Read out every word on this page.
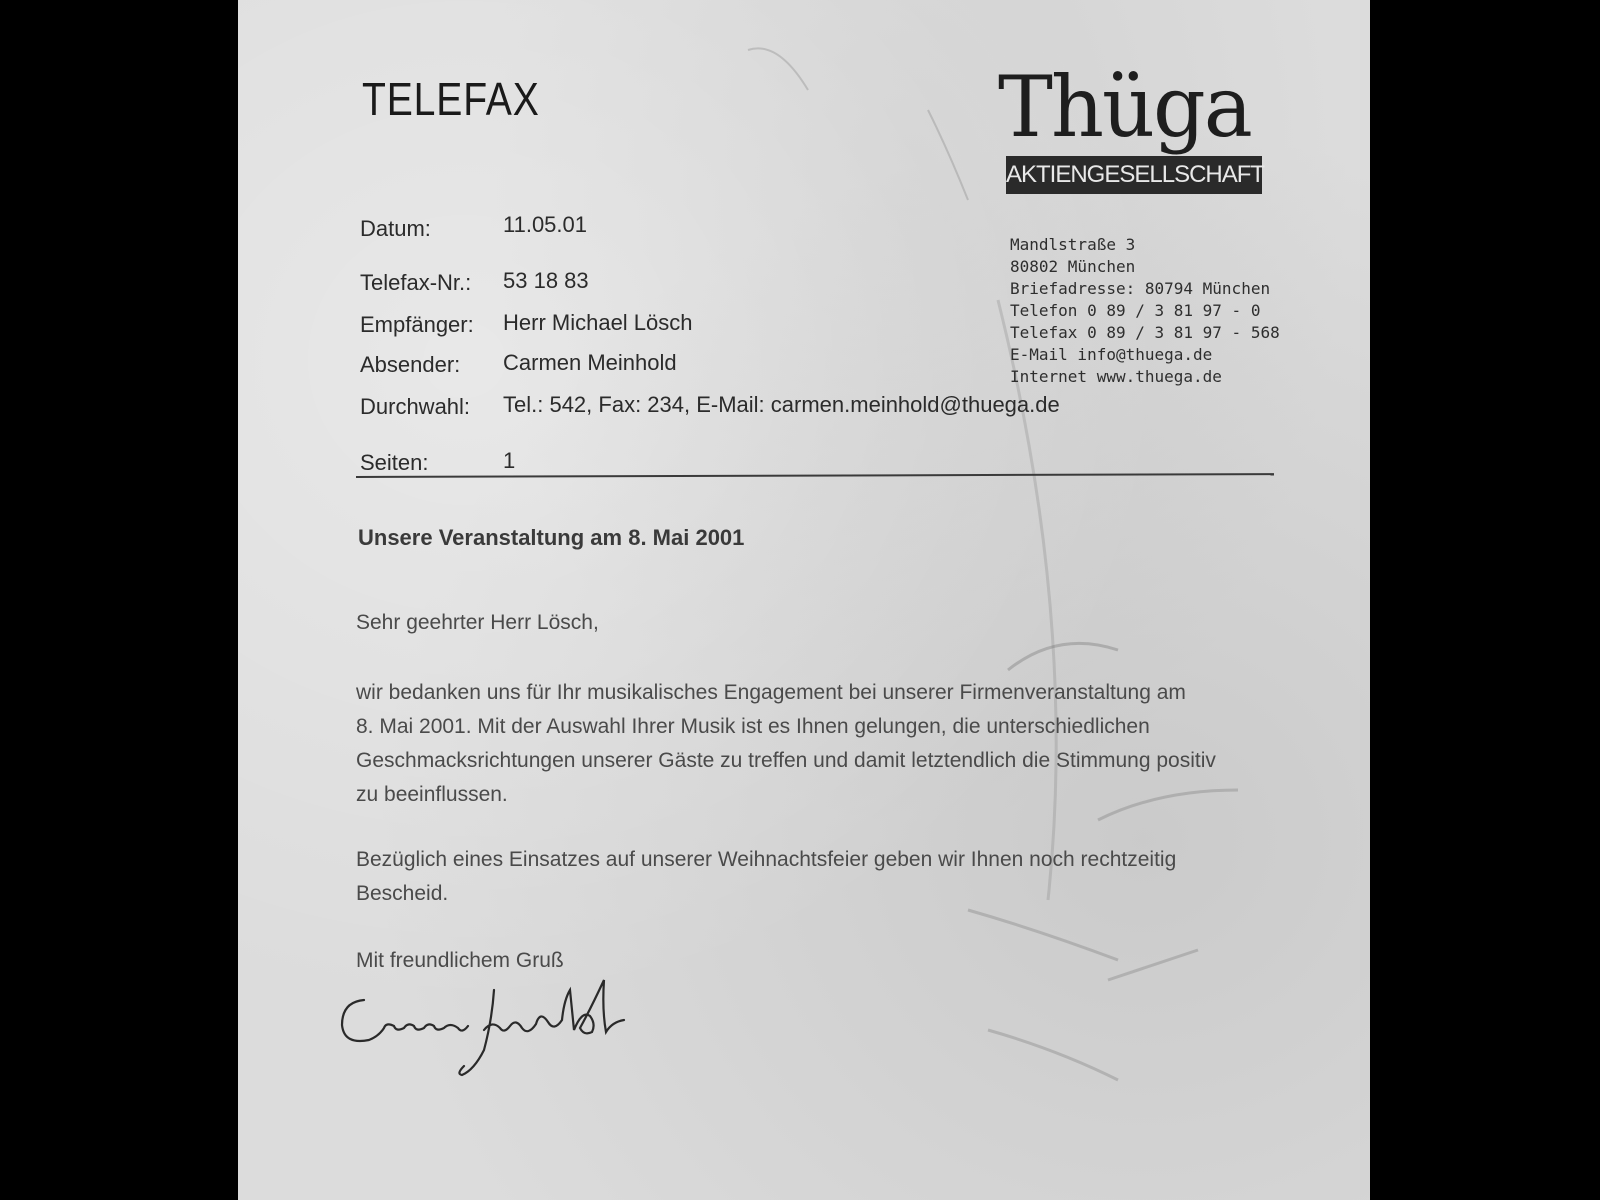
TELEFAX	Thüga
AKTIENGESELLSCHAFT
Mandlstraße 3
80802 München
Briefadresse: 80794 München
Telefon 0 89 / 3 81 97 - 0
Telefax 0 89 / 3 81 97 - 568
E-Mail info@thuega.de
Internet www.thuega.de
Datum:	11.05.01
Telefax-Nr.: 53 18 83
Empfänger: Herr Michael Lösch
Absender: Carmen Meinhold
Durchwahl: Tel.: 542, Fax: 234, E-Mail: carmen.meinhold@thuega.de
Seiten:	1
Unsere Veranstaltung am 8. Mai 2001
Sehr geehrter Herr Lösch,
wir bedanken uns für Ihr musikalisches Engagement bei unserer Firmenveranstaltung am
8. Mai 2001. Mit der Auswahl Ihrer Musik ist es Ihnen gelungen, die unterschiedlichen
Geschmacksrichtungen unserer Gäste zu treffen und damit letztendlich die Stimmung positiv
zu beeinflussen.
Bezüglich eines Einsatzes auf unserer Weihnachtsfeier geben wir Ihnen noch rechtzeitig
Bescheid.
Mit freundlichem Gruß
